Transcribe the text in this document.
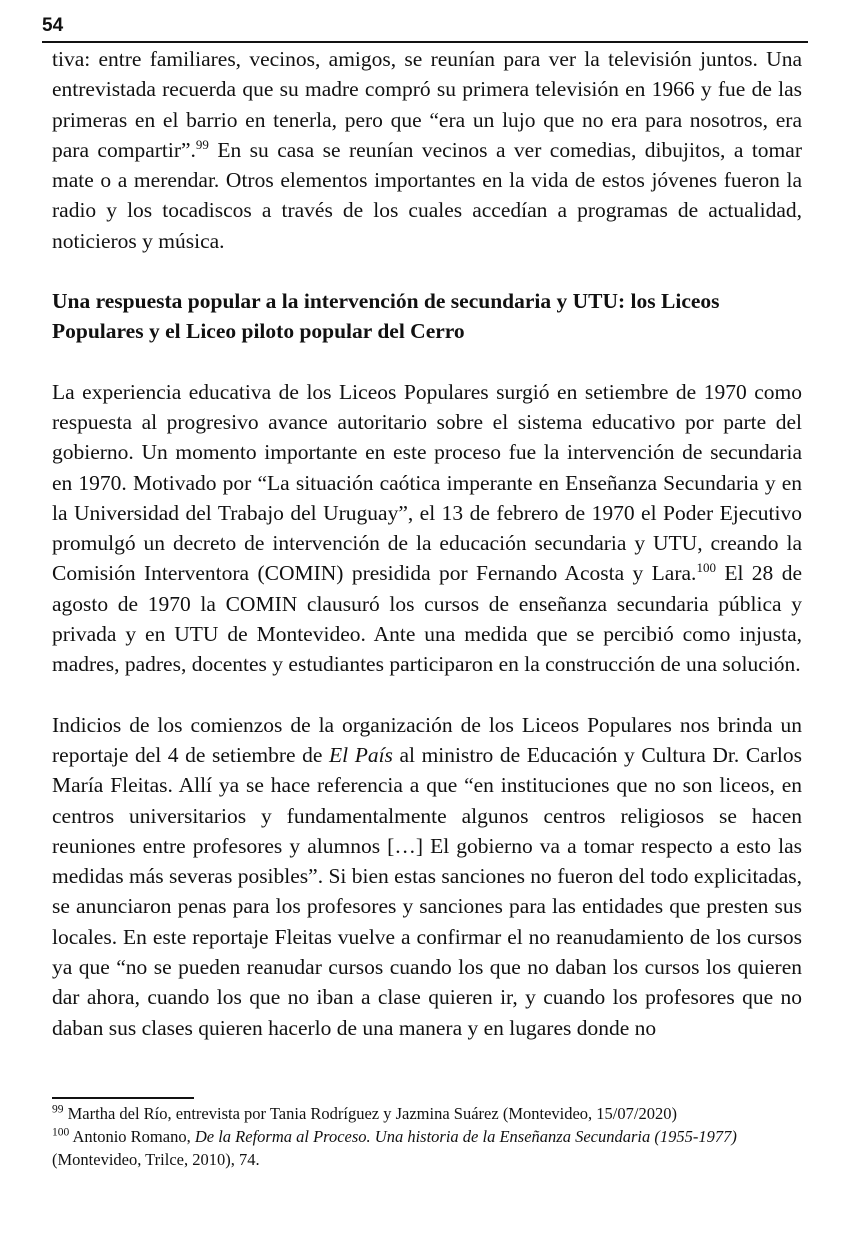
54

tiva: entre familiares, vecinos, amigos, se reunían para ver la televisión juntos. Una entrevistada recuerda que su madre compró su primera televisión en 1966 y fue de las primeras en el barrio en tenerla, pero que “era un lujo que no era para nosotros, era para compartir”.$^{99}$ En su casa se reunían vecinos a ver comedias, dibujitos, a tomar mate o a merendar. Otros elementos importantes en la vida de estos jóvenes fueron la radio y los tocadiscos a través de los cuales accedían a programas de actualidad, noticieros y música.

Una respuesta popular a la intervención de secundaria y UTU: los Liceos Populares y el Liceo piloto popular del Cerro

La experiencia educativa de los Liceos Populares surgió en setiembre de 1970 como respuesta al progresivo avance autoritario sobre el sistema educativo por parte del gobierno. Un momento importante en este proceso fue la intervención de secundaria en 1970. Motivado por “La situación caótica imperante en Enseñanza Secundaria y en la Universidad del Trabajo del Uruguay”, el 13 de febrero de 1970 el Poder Ejecutivo promulgó un decreto de intervención de la educación secundaria y UTU, creando la Comisión Interventora (COMIN) presidida por Fernando Acosta y Lara.$^{100}$ El 28 de agosto de 1970 la COMIN clausuró los cursos de enseñanza secundaria pública y privada y en UTU de Montevideo. Ante una medida que se percibió como injusta, madres, padres, docentes y estudiantes participaron en la construcción de una solución.

Indicios de los comienzos de la organización de los Liceos Populares nos brinda un reportaje del 4 de setiembre de El País al ministro de Educación y Cultura Dr. Carlos María Fleitas. Allí ya se hace referencia a que “en instituciones que no son liceos, en centros universitarios y fundamentalmente algunos centros religiosos se hacen reuniones entre profesores y alumnos […] El gobierno va a tomar respecto a esto las medidas más severas posibles”. Si bien estas sanciones no fueron del todo explicitadas, se anunciaron penas para los profesores y sanciones para las entidades que presten sus locales. En este reportaje Fleitas vuelve a confirmar el no reanudamiento de los cursos ya que “no se pueden reanudar cursos cuando los que no daban los cursos los quieren dar ahora, cuando los que no iban a clase quieren ir, y cuando los profesores que no daban sus clases quieren hacerlo de una manera y en lugares donde no

$^{99}$ Martha del Río, entrevista por Tania Rodríguez y Jazmina Suárez (Montevideo, 15/07/2020)

$^{100}$ Antonio Romano, De la Reforma al Proceso. Una historia de la Enseñanza Secundaria (1955-1977) (Montevideo, Trilce, 2010), 74.
